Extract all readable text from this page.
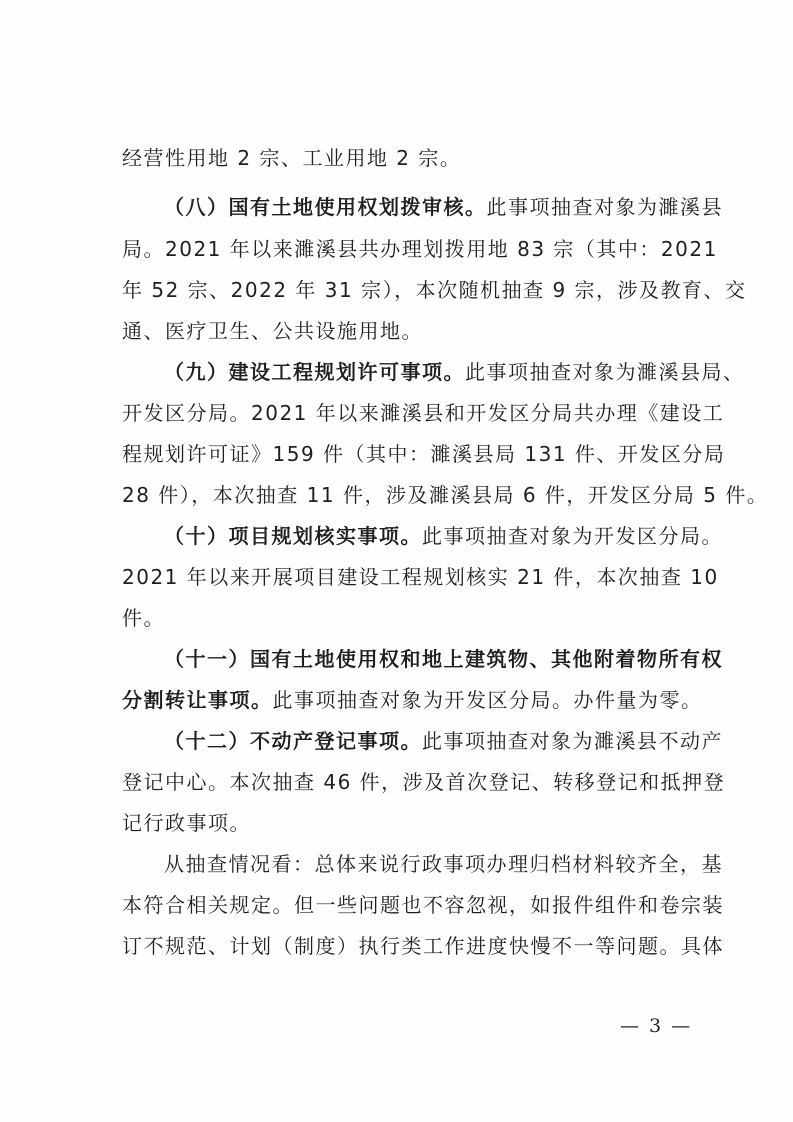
经营性用地 2 宗、工业用地 2 宗。
（八）国有土地使用权划拨审核。此事项抽查对象为濉溪县
局。2021 年以来濉溪县共办理划拨用地 83 宗（其中：2021
年 52 宗、2022 年 31 宗），本次随机抽查 9 宗，涉及教育、交
通、医疗卫生、公共设施用地。
（九）建设工程规划许可事项。此事项抽查对象为濉溪县局、
开发区分局。2021 年以来濉溪县和开发区分局共办理《建设工
程规划许可证》159 件（其中：濉溪县局 131 件、开发区分局
28 件），本次抽查 11 件，涉及濉溪县局 6 件，开发区分局 5 件。
（十）项目规划核实事项。此事项抽查对象为开发区分局。
2021 年以来开展项目建设工程规划核实 21 件，本次抽查 10
件。
（十一）国有土地使用权和地上建筑物、其他附着物所有权
分割转让事项。此事项抽查对象为开发区分局。办件量为零。
（十二）不动产登记事项。此事项抽查对象为濉溪县不动产
登记中心。本次抽查 46 件，涉及首次登记、转移登记和抵押登
记行政事项。
从抽查情况看：总体来说行政事项办理归档材料较齐全，基
本符合相关规定。但一些问题也不容忽视，如报件组件和卷宗装
订不规范、计划（制度）执行类工作进度快慢不一等问题。具体
— 3 —
